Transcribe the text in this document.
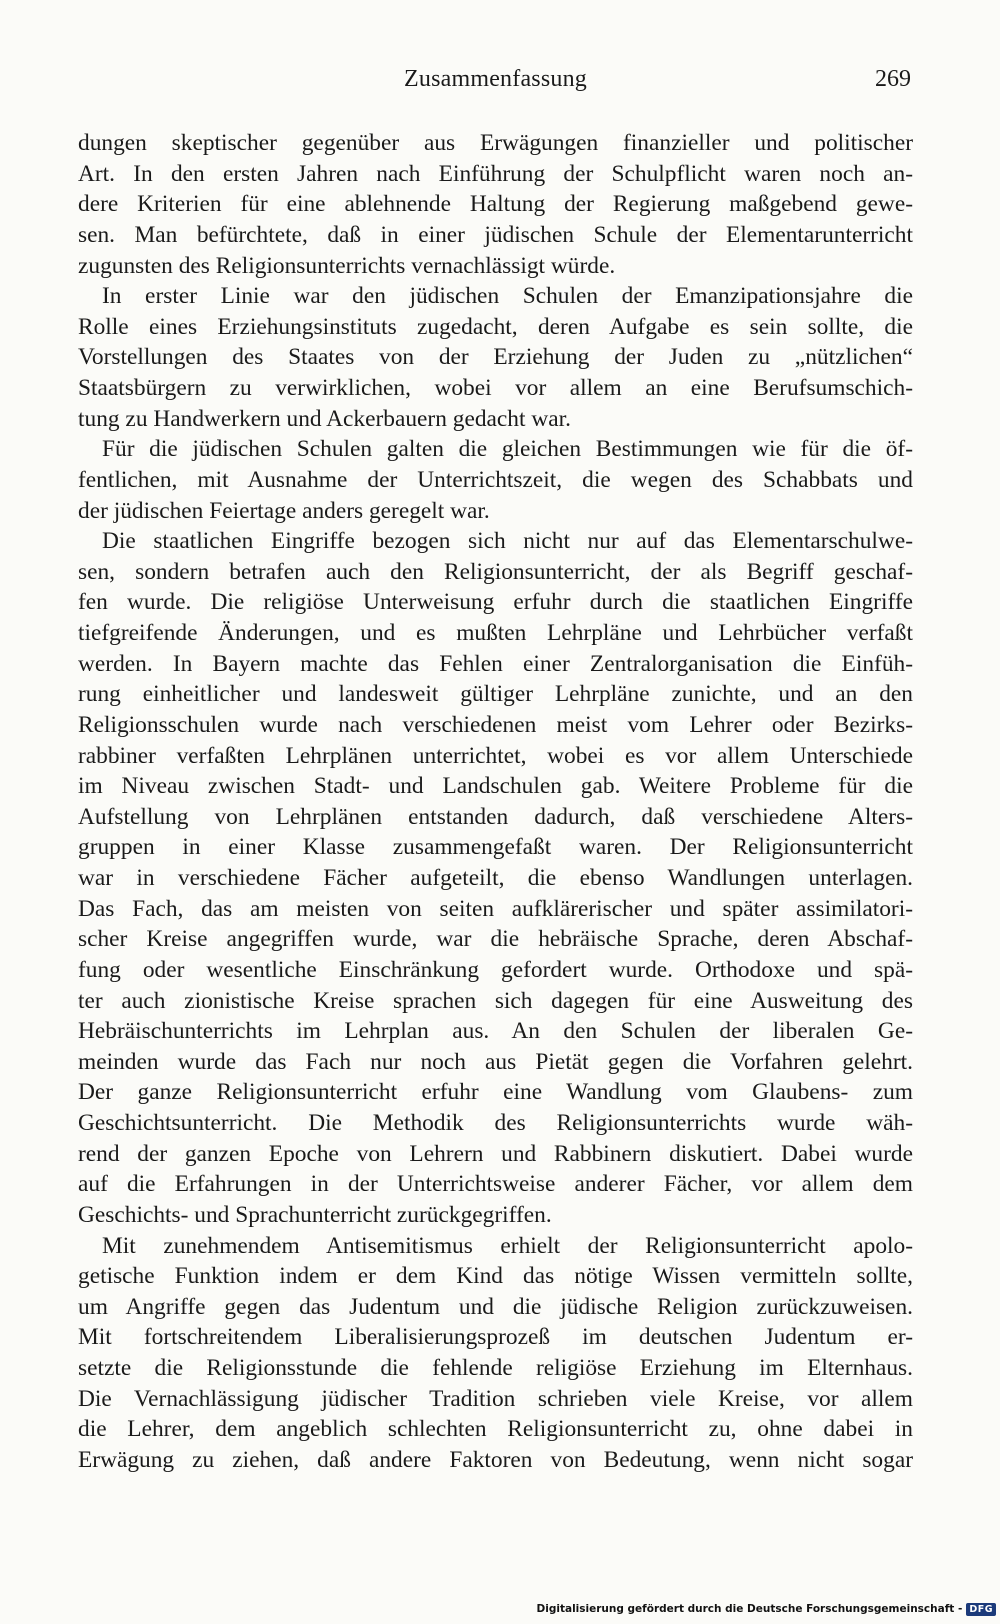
Zusammenfassung	269
dungen skeptischer gegenüber aus Erwägungen finanzieller und politischer
Art. In den ersten Jahren nach Einführung der Schulpflicht waren noch an-
dere Kriterien für eine ablehnende Haltung der Regierung maßgebend gewe-
sen. Man befürchtete, daß in einer jüdischen Schule der Elementarunterricht
zugunsten des Religionsunterrichts vernachlässigt würde.
In erster Linie war den jüdischen Schulen der Emanzipationsjahre die
Rolle eines Erziehungsinstituts zugedacht, deren Aufgabe es sein sollte, die
Vorstellungen des Staates von der Erziehung der Juden zu „nützlichen“
Staatsbürgern zu verwirklichen, wobei vor allem an eine Berufsumschich-
tung zu Handwerkern und Ackerbauern gedacht war.
Für die jüdischen Schulen galten die gleichen Bestimmungen wie für die öf-
fentlichen, mit Ausnahme der Unterrichtszeit, die wegen des Schabbats und
der jüdischen Feiertage anders geregelt war.
Die staatlichen Eingriffe bezogen sich nicht nur auf das Elementarschulwe-
sen, sondern betrafen auch den Religionsunterricht, der als Begriff geschaf-
fen wurde. Die religiöse Unterweisung erfuhr durch die staatlichen Eingriffe
tiefgreifende Änderungen, und es mußten Lehrpläne und Lehrbücher verfaßt
werden. In Bayern machte das Fehlen einer Zentralorganisation die Einfüh-
rung einheitlicher und landesweit gültiger Lehrpläne zunichte, und an den
Religionsschulen wurde nach verschiedenen meist vom Lehrer oder Bezirks-
rabbiner verfaßten Lehrplänen unterrichtet, wobei es vor allem Unterschiede
im Niveau zwischen Stadt- und Landschulen gab. Weitere Probleme für die
Aufstellung von Lehrplänen entstanden dadurch, daß verschiedene Alters-
gruppen in einer Klasse zusammengefaßt waren. Der Religionsunterricht
war in verschiedene Fächer aufgeteilt, die ebenso Wandlungen unterlagen.
Das Fach, das am meisten von seiten aufklärerischer und später assimilatori-
scher Kreise angegriffen wurde, war die hebräische Sprache, deren Abschaf-
fung oder wesentliche Einschränkung gefordert wurde. Orthodoxe und spä-
ter auch zionistische Kreise sprachen sich dagegen für eine Ausweitung des
Hebräischunterrichts im Lehrplan aus. An den Schulen der liberalen Ge-
meinden wurde das Fach nur noch aus Pietät gegen die Vorfahren gelehrt.
Der ganze Religionsunterricht erfuhr eine Wandlung vom Glaubens- zum
Geschichtsunterricht. Die Methodik des Religionsunterrichts wurde wäh-
rend der ganzen Epoche von Lehrern und Rabbinern diskutiert. Dabei wurde
auf die Erfahrungen in der Unterrichtsweise anderer Fächer, vor allem dem
Geschichts- und Sprachunterricht zurückgegriffen.
Mit zunehmendem Antisemitismus erhielt der Religionsunterricht apolo-
getische Funktion indem er dem Kind das nötige Wissen vermitteln sollte,
um Angriffe gegen das Judentum und die jüdische Religion zurückzuweisen.
Mit fortschreitendem Liberalisierungsprozeß im deutschen Judentum er-
setzte die Religionsstunde die fehlende religiöse Erziehung im Elternhaus.
Die Vernachlässigung jüdischer Tradition schrieben viele Kreise, vor allem
die Lehrer, dem angeblich schlechten Religionsunterricht zu, ohne dabei in
Erwägung zu ziehen, daß andere Faktoren von Bedeutung, wenn nicht sogar
Digitalisierung gefördert durch die Deutsche Forschungsgemeinschaft - DFG
